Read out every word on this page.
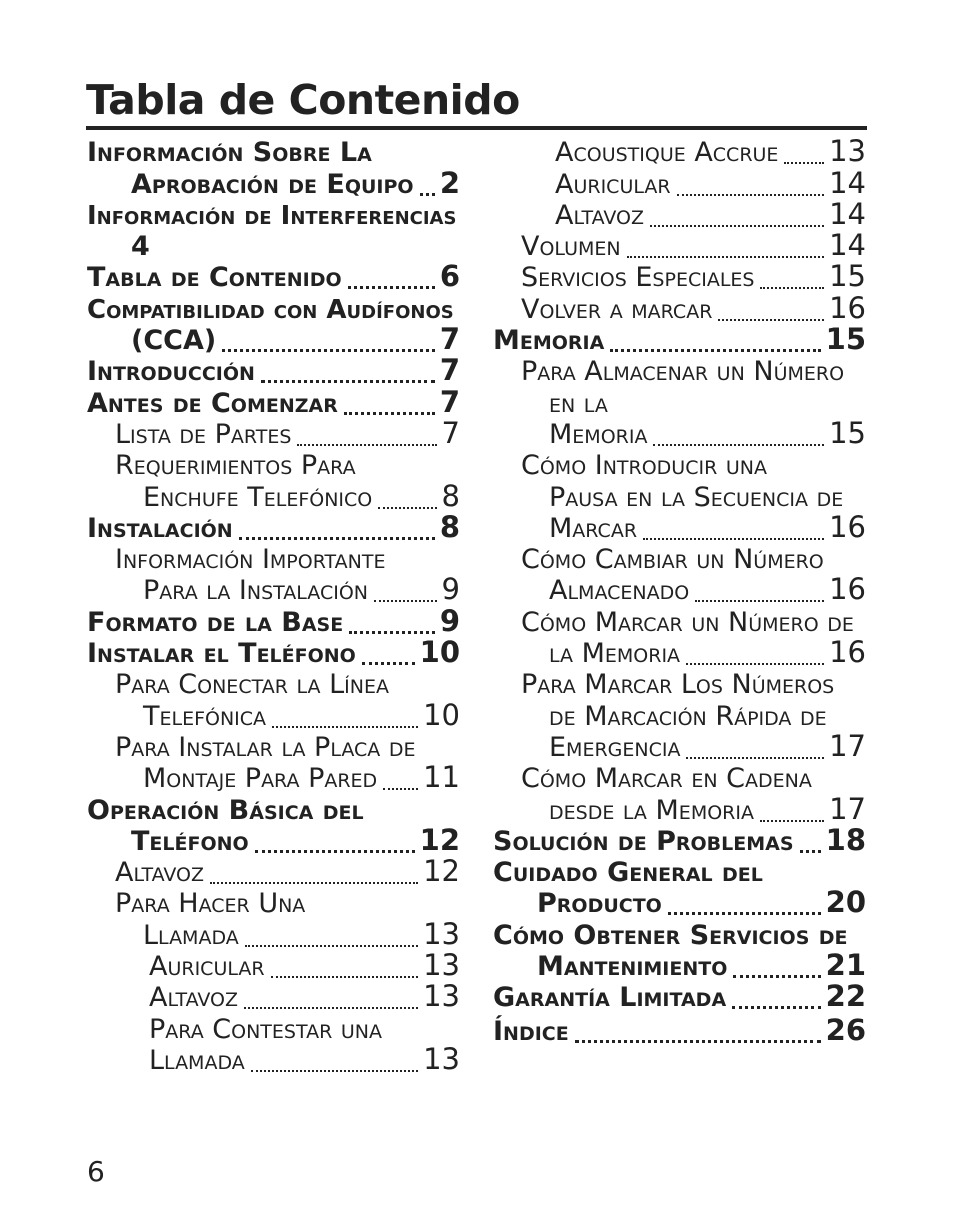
Tabla de Contenido
Información Sobre La
Aprobación de Equipo 2
Información de Interferencias
4
Tabla de Contenido	6
Compatibilidad con Audífonos
(CCA)	7
Introducción	7
Antes de Comenzar	7
Lista de Partes	7
Requerimientos Para
Enchufe Telefónico 8
Instalación	8
Información Importante
Para la Instalación	9
Formato de la Base	9
Instalar el Teléfono 10
Para Conectar la Línea
Telefónica	10
Para Instalar la Placa de
Montaje Para Pared 11
Operación Básica del
Teléfono	12
Altavoz	12
Para Hacer Una
Llamada	13
Auricular	13
Altavoz	13
Para Contestar una
Llamada	13
Acoustique Accrue 13
Auricular	14
Altavoz	14
Volumen	14
Servicios Especiales	15
Volver a marcar	16
Memoria	15
Para Almacenar un Número
en la
Memoria	15
Cómo Introducir una
Pausa en la Secuencia de
Marcar	16
Cómo Cambiar un Número
Almacenado	16
Cómo Marcar un Número de
la Memoria	16
Para Marcar Los Números
de Marcación Rápida de
Emergencia	17
Cómo Marcar en Cadena
desde la Memoria	17
Solución de Problemas 18
Cuidado General del
Producto	20
Cómo Obtener Servicios de
Mantenimiento	21
Garantía Limitada	22
Índice	26
6
